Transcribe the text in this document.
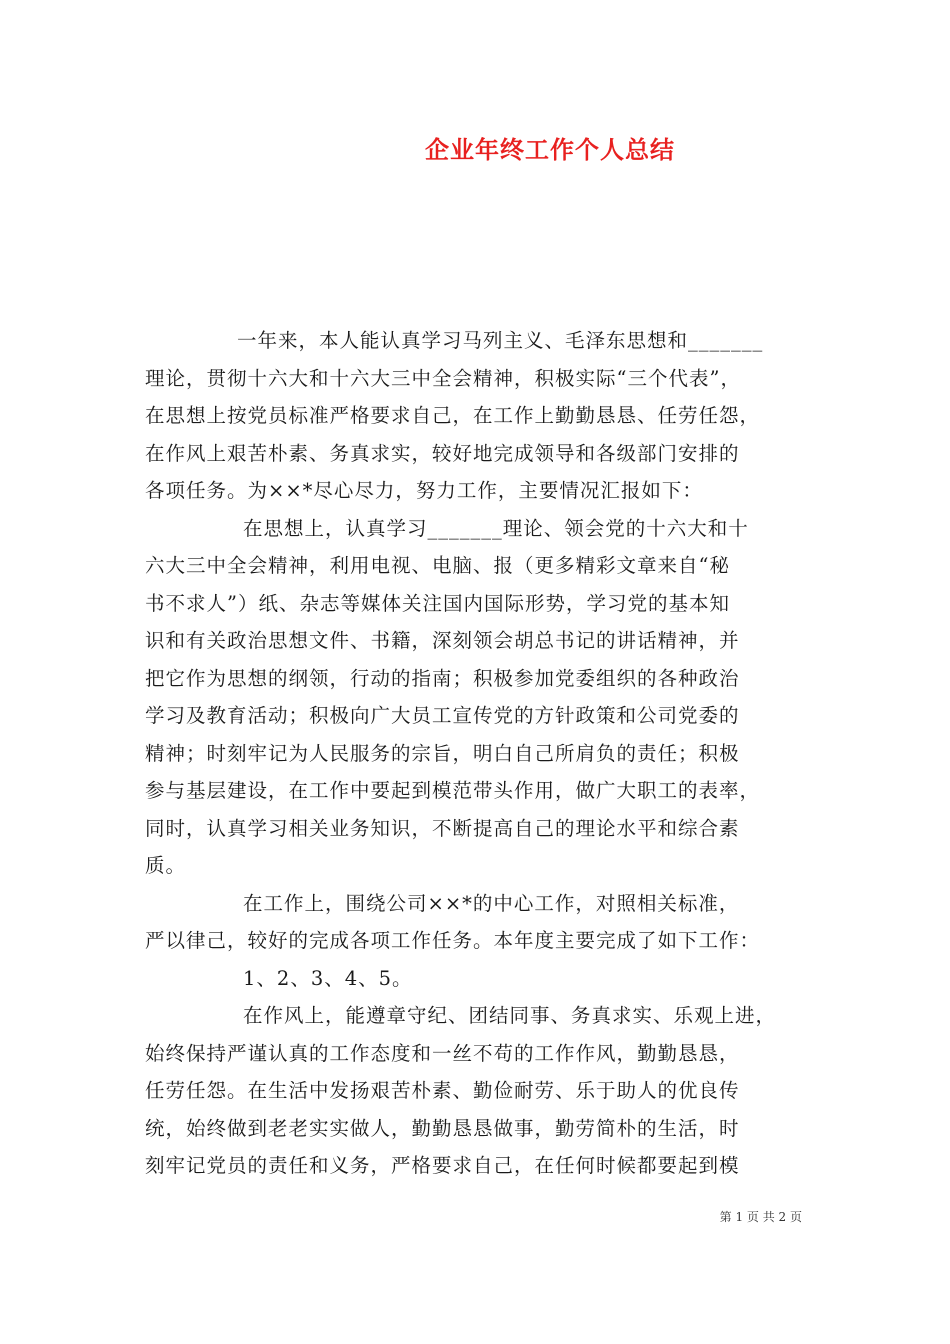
企业年终工作个人总结

一年来，本人能认真学习马列主义、毛泽东思想和_______
理论，贯彻十六大和十六大三中全会精神，积极实际“三个代表”，
在思想上按党员标准严格要求自己，在工作上勤勤恳恳、任劳任怨，
在作风上艰苦朴素、务真求实，较好地完成领导和各级部门安排的
各项任务。为××*尽心尽力，努力工作，主要情况汇报如下：

在思想上，认真学习_______理论、领会党的十六大和十
六大三中全会精神，利用电视、电脑、报（更多精彩文章来自“秘
书不求人”）纸、杂志等媒体关注国内国际形势，学习党的基本知
识和有关政治思想文件、书籍，深刻领会胡总书记的讲话精神，并
把它作为思想的纲领，行动的指南；积极参加党委组织的各种政治
学习及教育活动；积极向广大员工宣传党的方针政策和公司党委的
精神；时刻牢记为人民服务的宗旨，明白自己所肩负的责任；积极
参与基层建设，在工作中要起到模范带头作用，做广大职工的表率，
同时，认真学习相关业务知识，不断提高自己的理论水平和综合素
质。

在工作上，围绕公司××*的中心工作，对照相关标准，
严以律己，较好的完成各项工作任务。本年度主要完成了如下工作：

1、2、3、4、5。

在作风上，能遵章守纪、团结同事、务真求实、乐观上进，
始终保持严谨认真的工作态度和一丝不苟的工作作风，勤勤恳恳，
任劳任怨。在生活中发扬艰苦朴素、勤俭耐劳、乐于助人的优良传
统，始终做到老老实实做人，勤勤恳恳做事，勤劳简朴的生活，时
刻牢记党员的责任和义务，严格要求自己，在任何时候都要起到模

第 1 页 共 2 页
